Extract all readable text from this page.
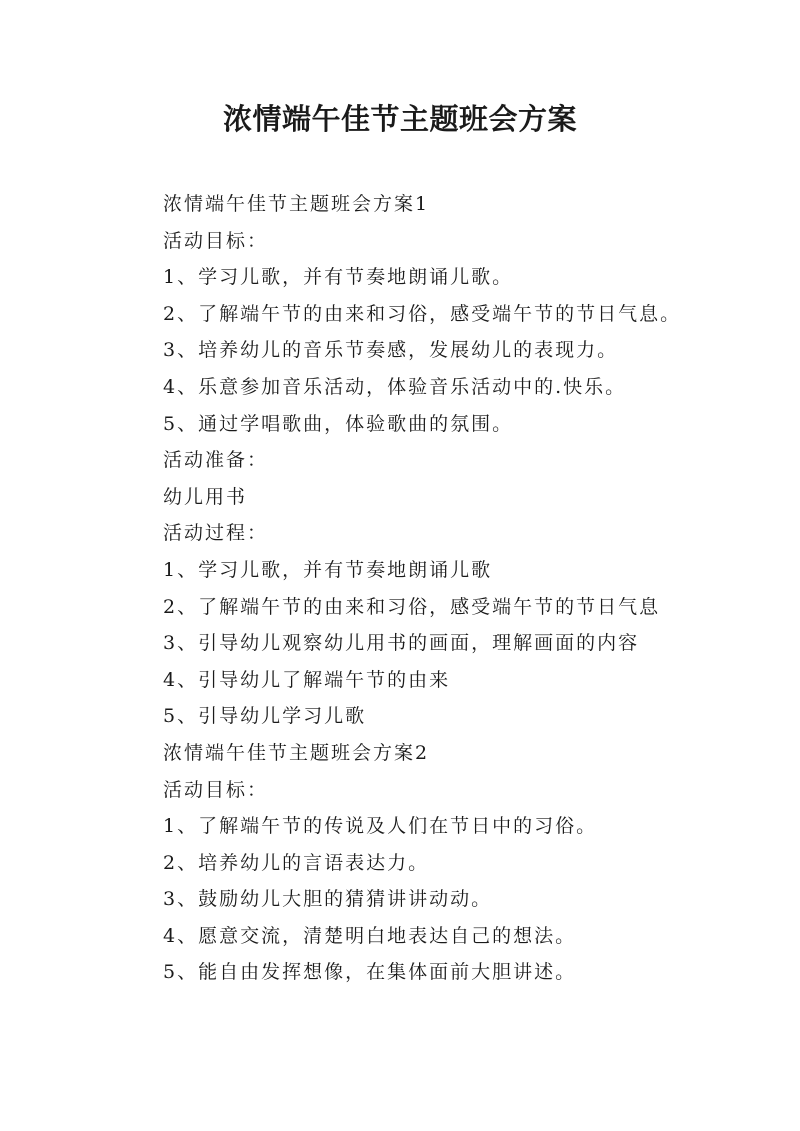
浓情端午佳节主题班会方案
浓情端午佳节主题班会方案1
活动目标：
1、学习儿歌，并有节奏地朗诵儿歌。
2、了解端午节的由来和习俗，感受端午节的节日气息。
3、培养幼儿的音乐节奏感，发展幼儿的表现力。
4、乐意参加音乐活动，体验音乐活动中的.快乐。
5、通过学唱歌曲，体验歌曲的氛围。
活动准备：
幼儿用书
活动过程：
1、学习儿歌，并有节奏地朗诵儿歌
2、了解端午节的由来和习俗，感受端午节的节日气息
3、引导幼儿观察幼儿用书的画面，理解画面的内容
4、引导幼儿了解端午节的由来
5、引导幼儿学习儿歌
浓情端午佳节主题班会方案2
活动目标：
1、了解端午节的传说及人们在节日中的习俗。
2、培养幼儿的言语表达力。
3、鼓励幼儿大胆的猜猜讲讲动动。
4、愿意交流，清楚明白地表达自己的想法。
5、能自由发挥想像，在集体面前大胆讲述。
